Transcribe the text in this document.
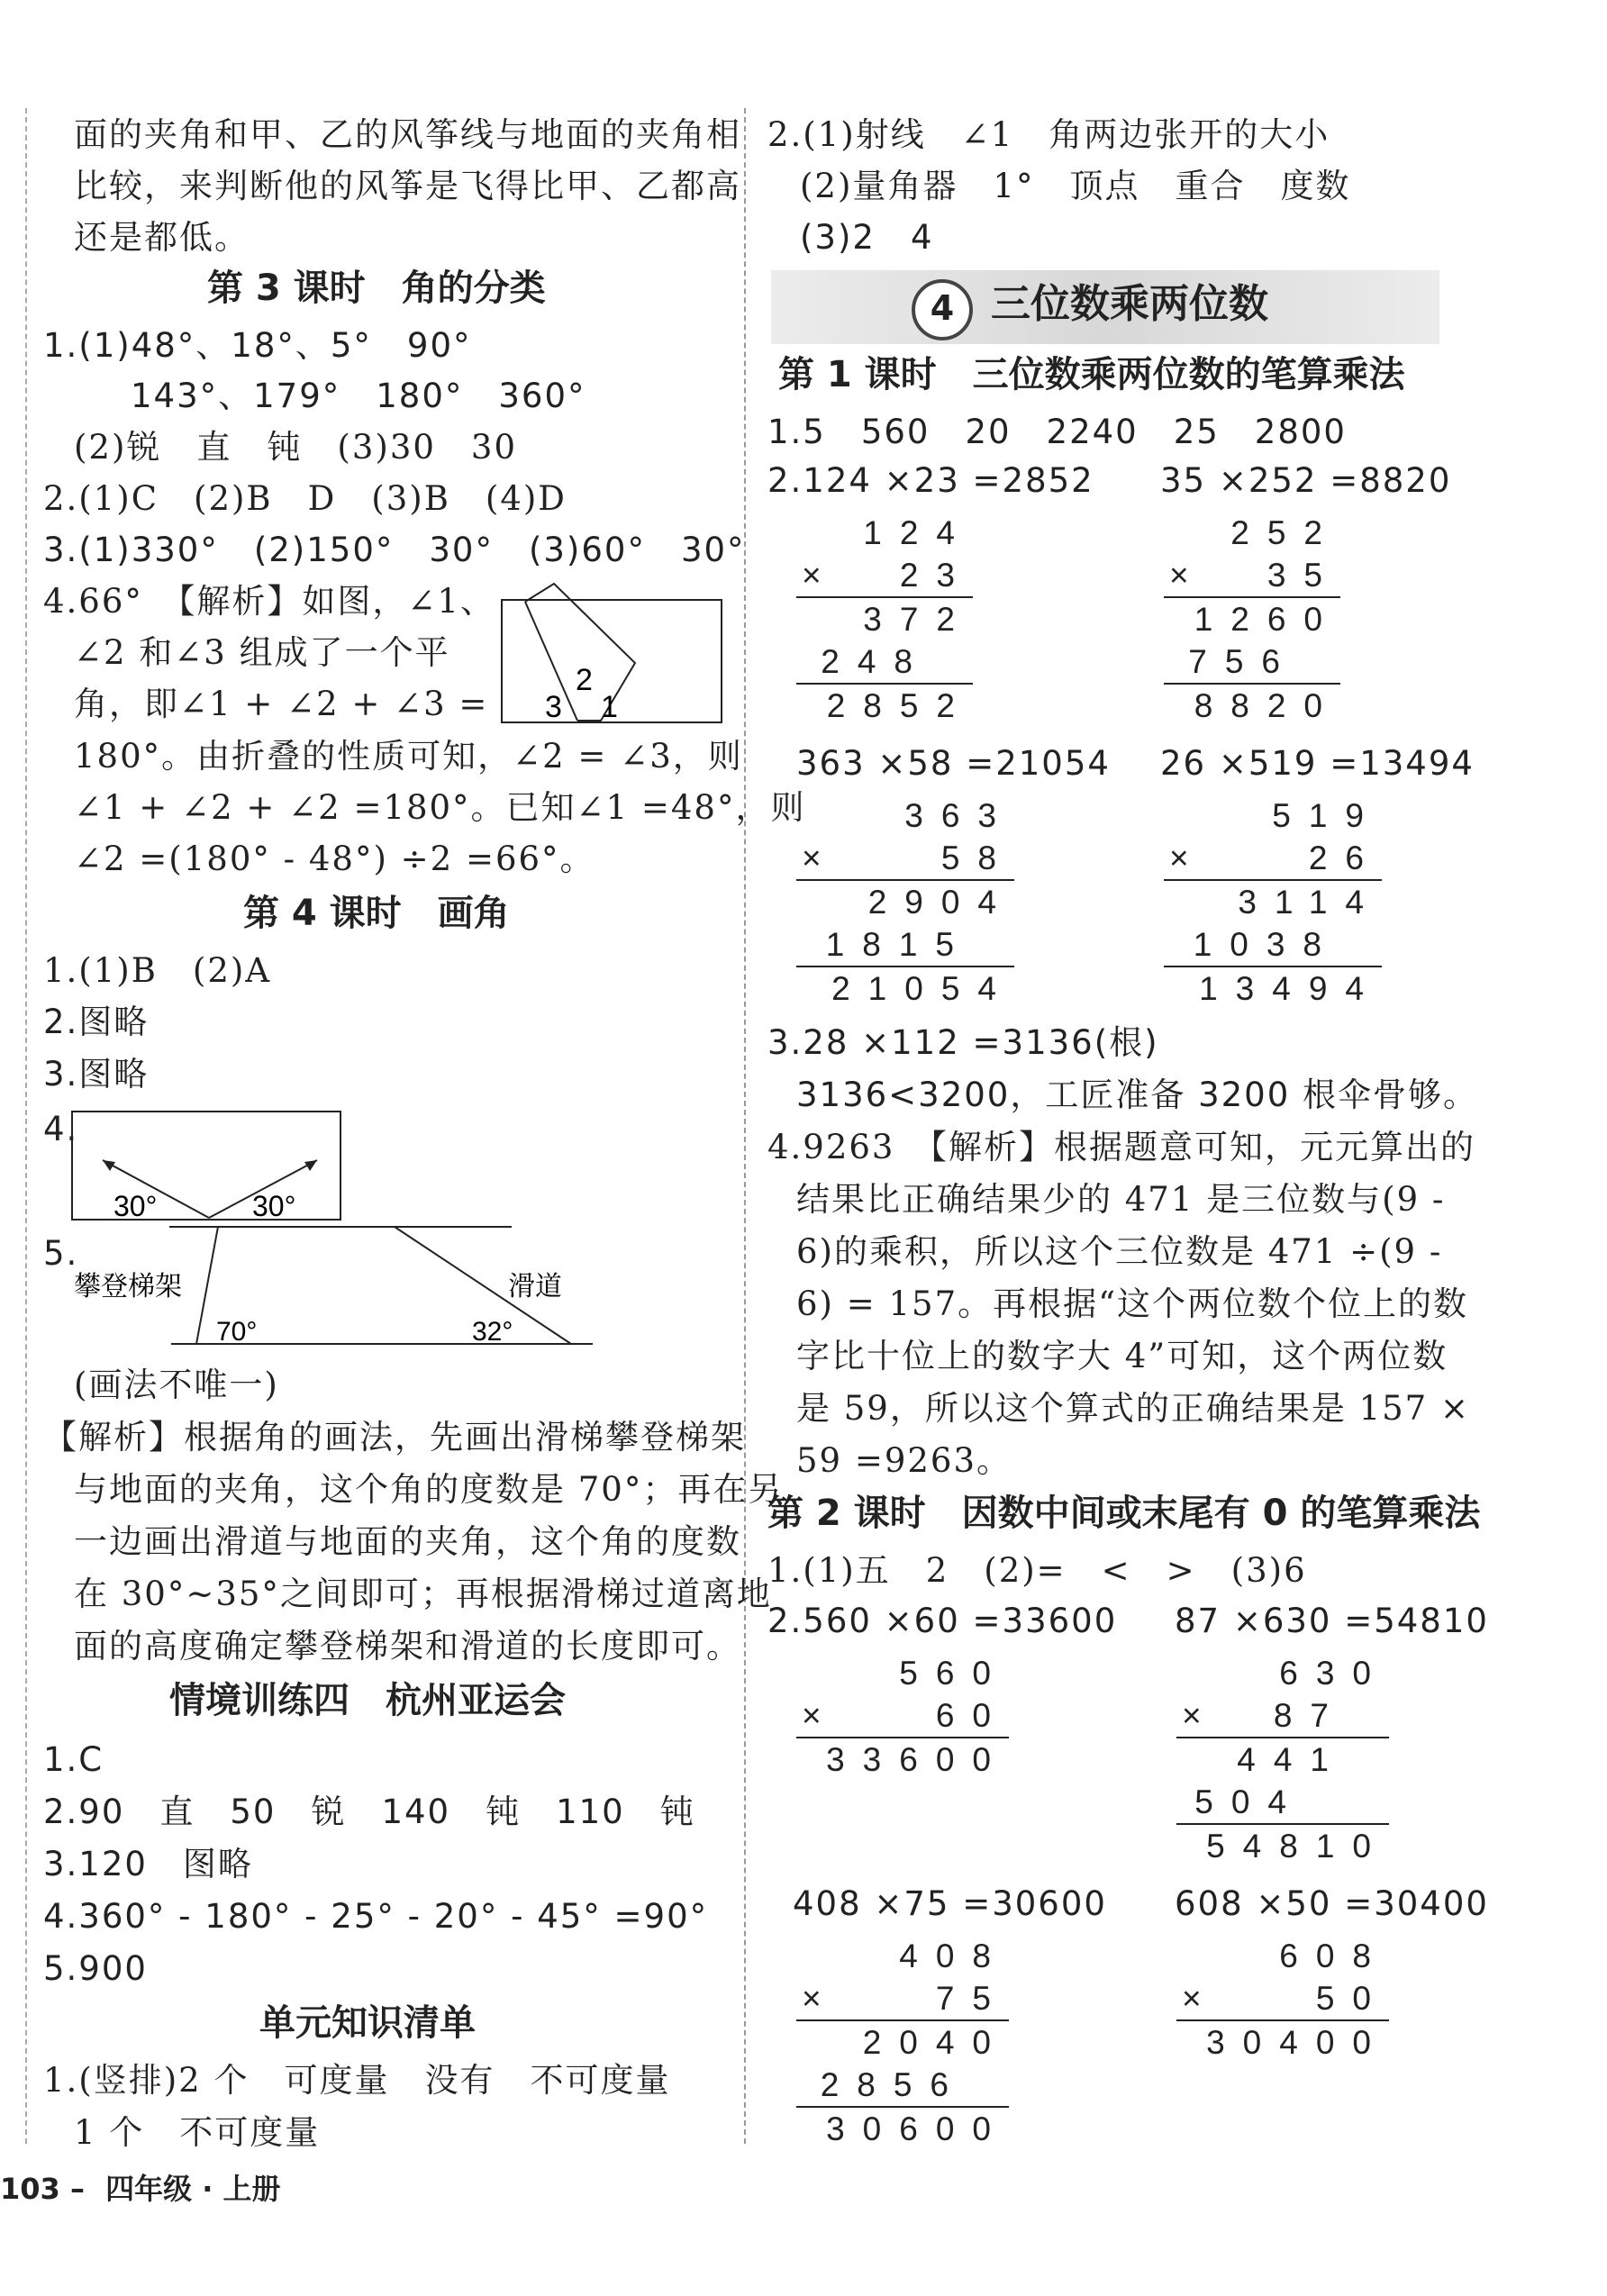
面的夹角和甲、乙的风筝线与地面的夹角相
比较，来判断他的风筝是飞得比甲、乙都高
还是都低。
第 3 课时　角的分类
1.(1)48°、18°、5°　90°
143°、179°　180°　360°
(2)锐　直　钝　(3)30　30
2.(1)C　(2)B　D　(3)B　(4)D
3.(1)330°　(2)150°　30°　(3)60°　30°
4.66°　【解析】如图，∠1、
∠2 和∠3 组成了一个平
角，即∠1 + ∠2 + ∠3 =
180°。由折叠的性质可知，∠2 = ∠3，则
∠1 + ∠2 + ∠2 =180°。已知∠1 =48°，则
∠2 =(180° - 48°) ÷2 =66°。
2
3 1
第 4 课时　画角
1.(1)B　(2)A
2.图略
3.图略
4.
30°	30°
5.
攀登梯架	滑道
70°	32°
(画法不唯一)
【解析】根据角的画法，先画出滑梯攀登梯架
与地面的夹角，这个角的度数是 70°；再在另
一边画出滑道与地面的夹角，这个角的度数
在 30°~35°之间即可；再根据滑梯过道离地
面的高度确定攀登梯架和滑道的长度即可。
情境训练四　杭州亚运会
1.C
2.90　直　50　锐　140　钝　110　钝
3.120　图略
4.360° - 180° - 25° - 20° - 45° =90°
5.900
单元知识清单
1.(竖排)2 个　可度量　没有　不可度量
1 个　不可度量
2.(1)射线　∠1　角两边张开的大小
(2)量角器　1°　顶点　重合　度数
(3)2　4
4 三位数乘两位数
第 1 课时　三位数乘两位数的笔算乘法
1.5　560　20　2240　25　2800
2.124 ×23 =2852 35 ×252 =8820
124
23
×
372
248
2852
252
35
×
1260
756
8820
363 ×58 =21054 26 ×519 =13494
363
58
×
2904
1815
21054
519
26
×
3114
1038
13494
3.28 ×112 =3136(根)
3136<3200，工匠准备 3200 根伞骨够。
4.9263　【解析】根据题意可知，元元算出的
结果比正确结果少的 471 是三位数与(9 -
6)的乘积，所以这个三位数是 471 ÷(9 -
6) = 157。再根据“这个两位数个位上的数
字比十位上的数字大 4”可知，这个两位数
是 59，所以这个算式的正确结果是 157 ×
59 =9263。
第 2 课时　因数中间或末尾有 0 的笔算乘法
1.(1)五　2　(2)=　<　>　(3)6
2.560 ×60 =33600 87 ×630 =54810
560
60
×
33600
630
87
×
441
504
54810
408 ×75 =30600 608 ×50 =30400
408
75
×
2040
2856
30600
608
50
×
30400
103 – 四年级 · 上册
